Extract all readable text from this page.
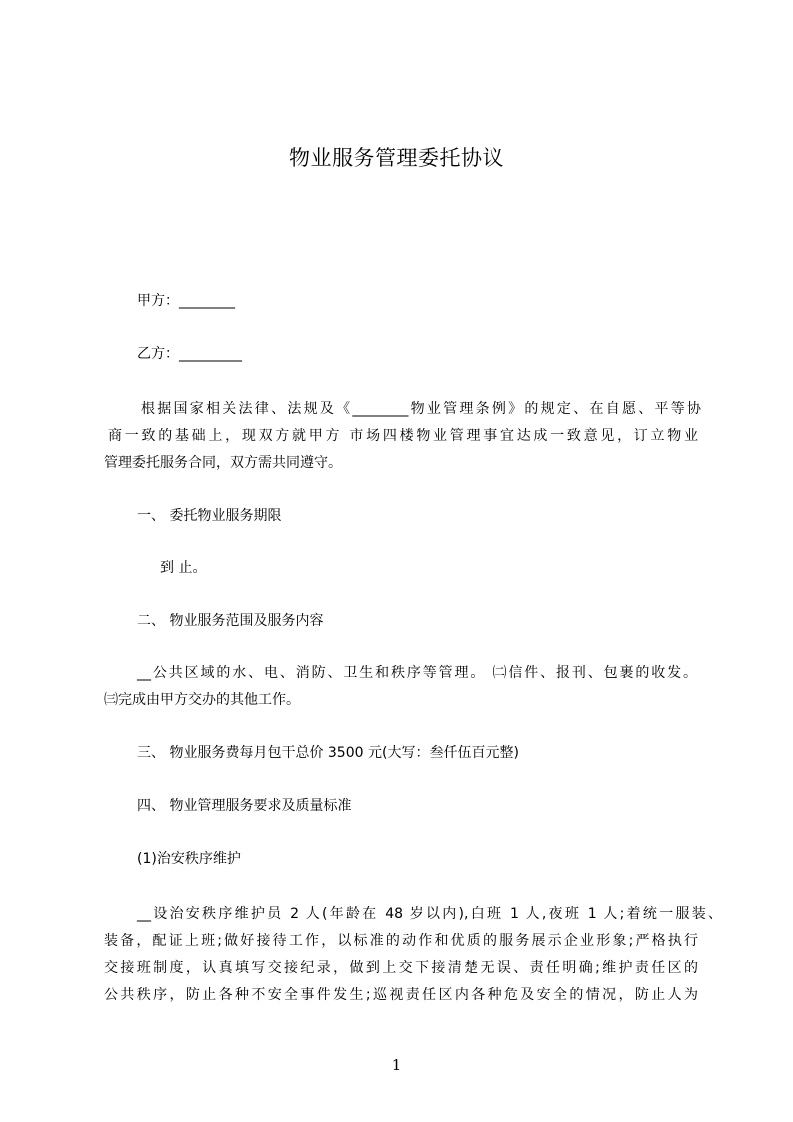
物业服务管理委托协议
甲方：________
乙方：_________
根据国家相关法律、法规及《________物业管理条例》的规定、在自愿、平等协
商一致的基础上，现双方就甲方 市场四楼物业管理事宜达成一致意见，订立物业
管理委托服务合同，双方需共同遵守。
一、 委托物业服务期限
到 止。
二、 物业服务范围及服务内容
__公共区域的水、电、消防、卫生和秩序等管理。 ㈡信件、报刊、包裹的收发。
㈢完成由甲方交办的其他工作。
三、 物业服务费每月包干总价 3500 元(大写：叁仟伍百元整)
四、 物业管理服务要求及质量标准
(1)治安秩序维护
__设治安秩序维护员 2 人(年龄在 48 岁以内),白班 1 人,夜班 1 人;着统一服装、
装备，配证上班;做好接待工作，以标准的动作和优质的服务展示企业形象;严格执行
交接班制度，认真填写交接纪录，做到上交下接清楚无误、责任明确;维护责任区的
公共秩序，防止各种不安全事件发生;巡视责任区内各种危及安全的情况，防止人为
1
